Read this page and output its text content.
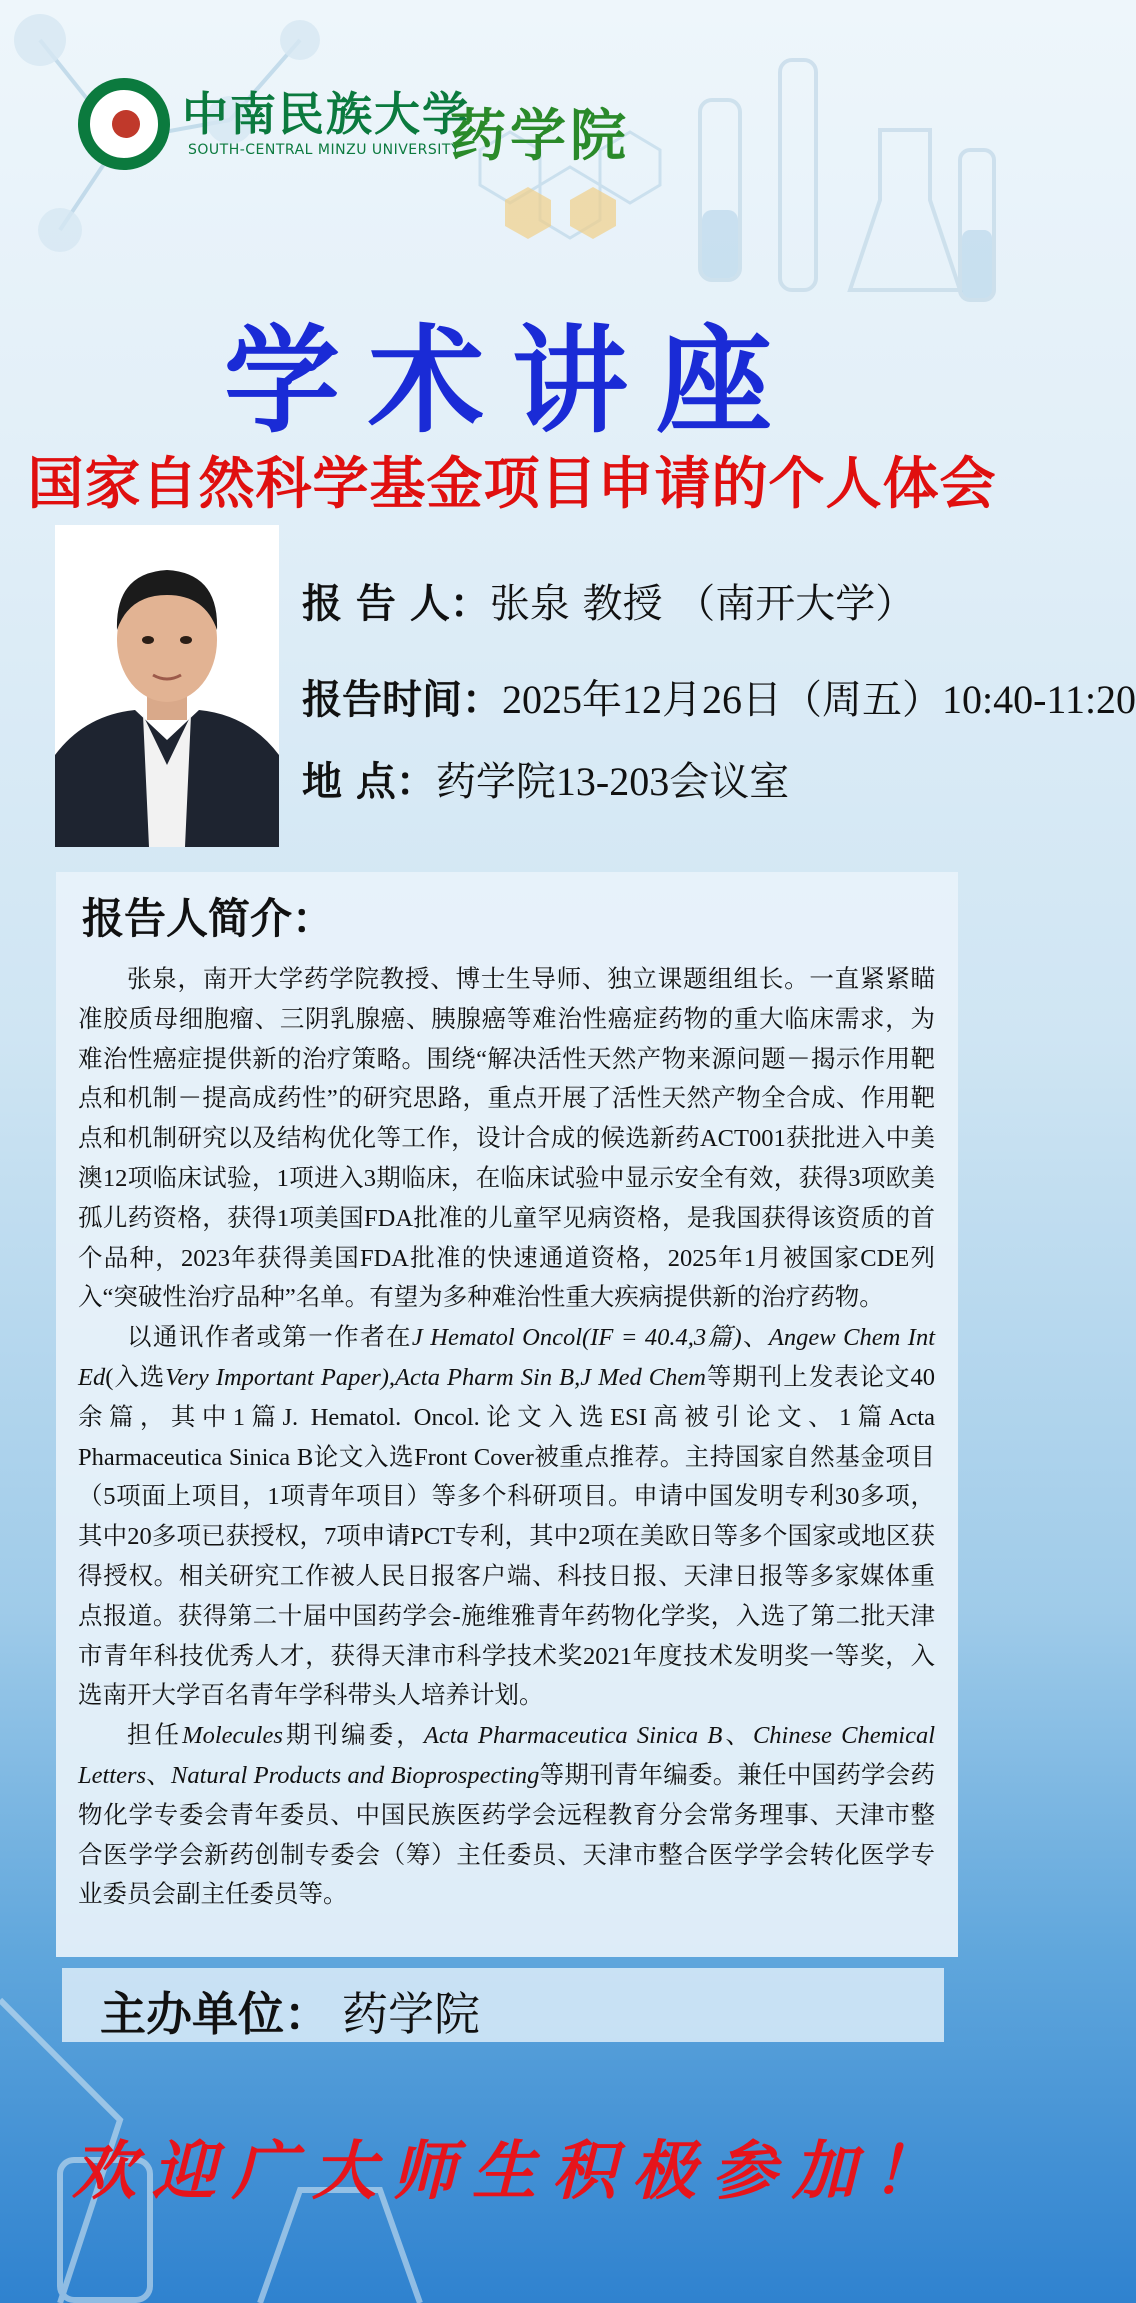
中南民族大学
SOUTH-CENTRAL MINZU UNIVERSITY
药学院
学术讲座
国家自然科学基金项目申请的个人体会
报 告 人：张泉 教授 （南开大学）
报告时间：2025年12月26日（周五）10:40-11:20
地 点：药学院13-203会议室
报告人简介：

张泉，南开大学药学院教授、博士生导师、独立课题组组长。一直紧紧瞄准胶质母细胞瘤、三阴乳腺癌、胰腺癌等难治性癌症药物的重大临床需求，为难治性癌症提供新的治疗策略。围绕“解决活性天然产物来源问题－揭示作用靶点和机制－提高成药性”的研究思路，重点开展了活性天然产物全合成、作用靶点和机制研究以及结构优化等工作，设计合成的候选新药ACT001获批进入中美澳12项临床试验，1项进入3期临床，在临床试验中显示安全有效，获得3项欧美孤儿药资格，获得1项美国FDA批准的儿童罕见病资格，是我国获得该资质的首个品种，2023年获得美国FDA批准的快速通道资格，2025年1月被国家CDE列入“突破性治疗品种”名单。有望为多种难治性重大疾病提供新的治疗药物。

以通讯作者或第一作者在J Hematol Oncol(IF = 40.4,3篇)、Angew Chem Int Ed(入选Very Important Paper),Acta Pharm Sin B,J Med Chem等期刊上发表论文40余篇，其中1篇J. Hematol. Oncol.论文入选ESI高被引论文、1篇Acta Pharmaceutica Sinica B论文入选Front Cover被重点推荐。主持国家自然基金项目（5项面上项目，1项青年项目）等多个科研项目。申请中国发明专利30多项，其中20多项已获授权，7项申请PCT专利，其中2项在美欧日等多个国家或地区获得授权。相关研究工作被人民日报客户端、科技日报、天津日报等多家媒体重点报道。获得第二十届中国药学会-施维雅青年药物化学奖，入选了第二批天津市青年科技优秀人才，获得天津市科学技术奖2021年度技术发明奖一等奖，入选南开大学百名青年学科带头人培养计划。

担任Molecules期刊编委，Acta Pharmaceutica Sinica B、Chinese Chemical Letters、Natural Products and Bioprospecting等期刊青年编委。兼任中国药学会药物化学专委会青年委员、中国民族医药学会远程教育分会常务理事、天津市整合医学学会新药创制专委会（筹）主任委员、天津市整合医学学会转化医学专业委员会副主任委员等。

主办单位： 药学院
欢迎广大师生积极参加！
